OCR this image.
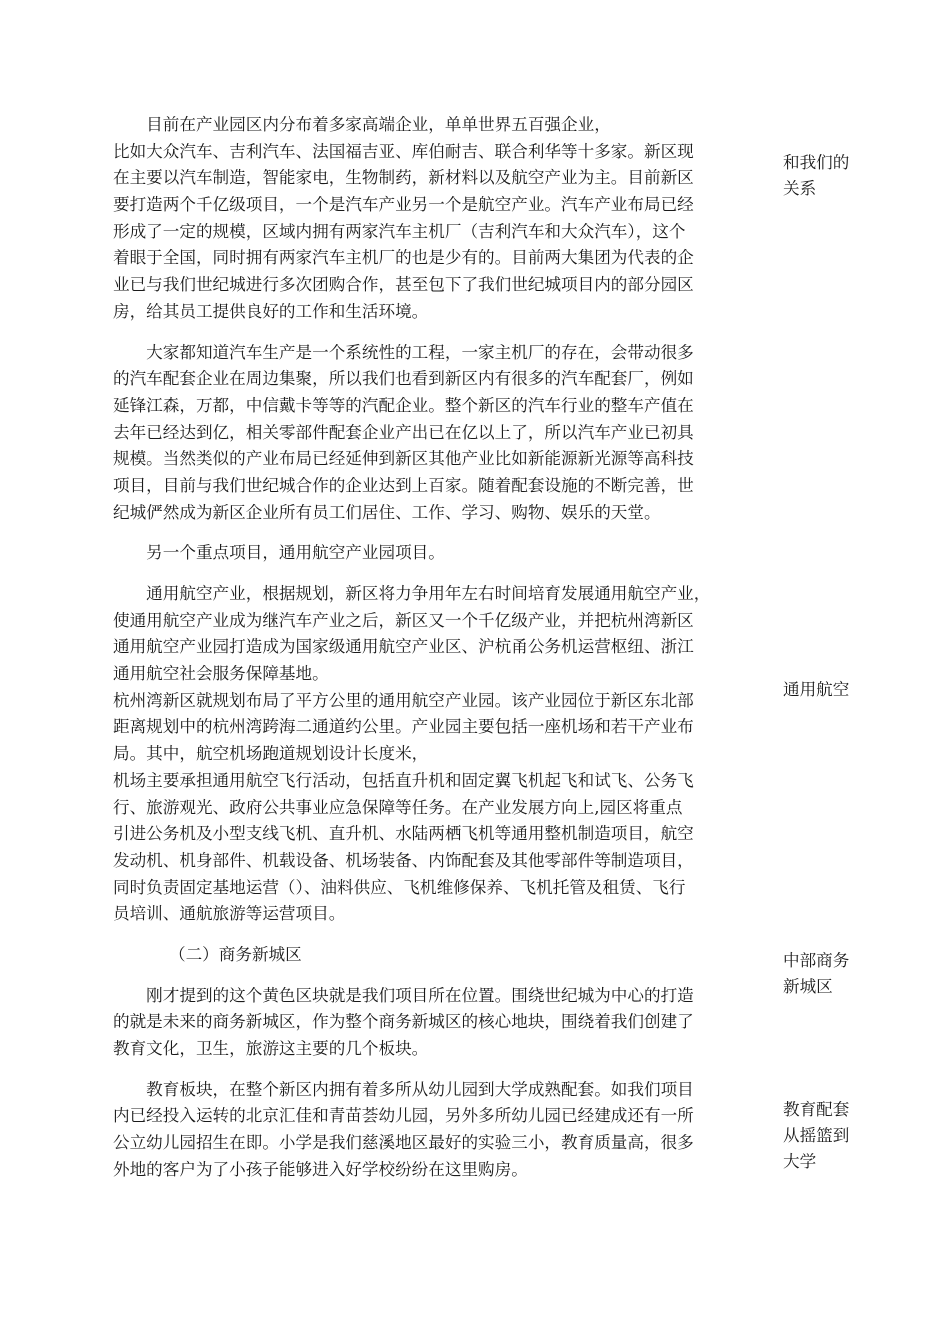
　　目前在产业园区内分布着多家高端企业，单单世界五百强企业，
比如大众汽车、吉利汽车、法国福吉亚、库伯耐吉、联合利华等十多家。新区现
在主要以汽车制造，智能家电，生物制药，新材料以及航空产业为主。目前新区
要打造两个千亿级项目，一个是汽车产业另一个是航空产业。汽车产业布局已经
形成了一定的规模，区域内拥有两家汽车主机厂（吉利汽车和大众汽车），这个
着眼于全国，同时拥有两家汽车主机厂的也是少有的。目前两大集团为代表的企
业已与我们世纪城进行多次团购合作，甚至包下了我们世纪城项目内的部分园区
房，给其员工提供良好的工作和生活环境。
　　大家都知道汽车生产是一个系统性的工程，一家主机厂的存在，会带动很多
的汽车配套企业在周边集聚，所以我们也看到新区内有很多的汽车配套厂，例如
延锋江森，万都，中信戴卡等等的汽配企业。整个新区的汽车行业的整车产值在
去年已经达到亿，相关零部件配套企业产出已在亿以上了，所以汽车产业已初具
规模。当然类似的产业布局已经延伸到新区其他产业比如新能源新光源等高科技
项目，目前与我们世纪城合作的企业达到上百家。随着配套设施的不断完善，世
纪城俨然成为新区企业所有员工们居住、工作、学习、购物、娱乐的天堂。
　　另一个重点项目，通用航空产业园项目。
　　通用航空产业，根据规划，新区将力争用年左右时间培育发展通用航空产业，
使通用航空产业成为继汽车产业之后，新区又一个千亿级产业，并把杭州湾新区
通用航空产业园打造成为国家级通用航空产业区、沪杭甬公务机运营枢纽、浙江
通用航空社会服务保障基地。
杭州湾新区就规划布局了平方公里的通用航空产业园。该产业园位于新区东北部
距离规划中的杭州湾跨海二通道约公里。产业园主要包括一座机场和若干产业布
局。其中，航空机场跑道规划设计长度米，
机场主要承担通用航空飞行活动，包括直升机和固定翼飞机起飞和试飞、公务飞
行、旅游观光、政府公共事业应急保障等任务。在产业发展方向上,园区将重点
引进公务机及小型支线飞机、直升机、水陆两栖飞机等通用整机制造项目，航空
发动机、机身部件、机载设备、机场装备、内饰配套及其他零部件等制造项目，
同时负责固定基地运营（）、油料供应、飞机维修保养、飞机托管及租赁、飞行
员培训、通航旅游等运营项目。
（二）商务新城区
　　刚才提到的这个黄色区块就是我们项目所在位置。围绕世纪城为中心的打造
的就是未来的商务新城区，作为整个商务新城区的核心地块，围绕着我们创建了
教育文化，卫生，旅游这主要的几个板块。
　　教育板块，在整个新区内拥有着多所从幼儿园到大学成熟配套。如我们项目
内已经投入运转的北京汇佳和青苗荟幼儿园，另外多所幼儿园已经建成还有一所
公立幼儿园招生在即。小学是我们慈溪地区最好的实验三小，教育质量高，很多
外地的客户为了小孩子能够进入好学校纷纷在这里购房。
和我们的
关系
通用航空
中部商务
新城区
教育配套
从摇篮到
大学
